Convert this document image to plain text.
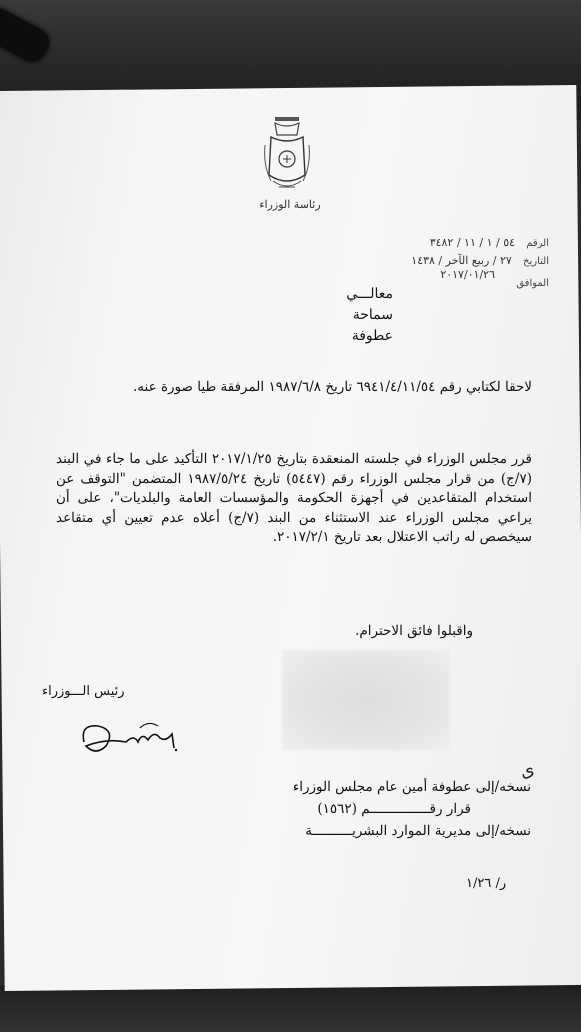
رئاسة الوزراء
الرقم ٥٤ / ١ / ١١ / ٣٤٨٢
التاريخ ٢٧ / ربيع الآخر / ١٤٣٨
٢٠١٧/٠١/٢٦
الموافق
معالـــي
سماحة
عطوفة
لاحقا لكتابي رقم ٦٩٤١/٤/١١/٥٤ تاريخ ١٩٨٧/٦/٨ المرفقة طيا صورة عنه.
قرر مجلس الوزراء في جلسته المنعقدة بتاريخ ٢٠١٧/١/٢٥ التأكيد على ما جاء في البند (٧/ج) من قرار مجلس الوزراء رقم (٥٤٤٧) تاريخ ١٩٨٧/٥/٢٤ المتضمن "التوقف عن استخدام المتقاعدين في أجهزة الحكومة والمؤسسات العامة والبلديات"، على أن يراعي مجلس الوزراء عند الاستثناء من البند (٧/ج) أعلاه عدم تعيين أي متقاعد سيخصص له راتب الاعتلال بعد تاريخ ٢٠١٧/٢/١.
واقبلوا فائق الاحترام.
رئيس الـــوزراء
ى
نسخه/إلى عطوفة أمين عام مجلس الوزراء
قرار رقـــــــــــــــم (١٥٦٢)
نسخه/إلى مديرية الموارد البشريــــــــــة
ر/ ١/٢٦
